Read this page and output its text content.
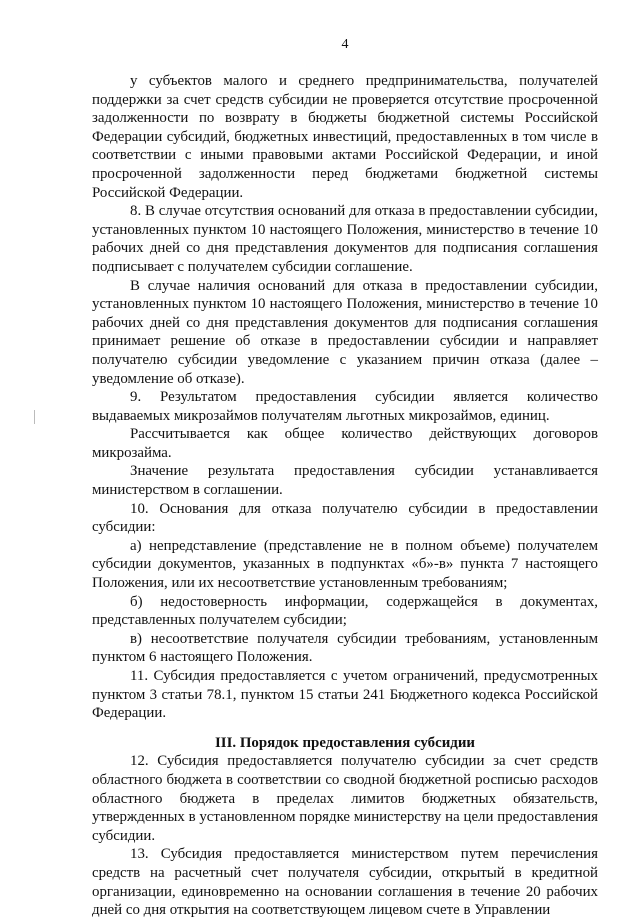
4

у субъектов малого и среднего предпринимательства, получателей поддержки за счет средств субсидии не проверяется отсутствие просроченной задолженности по возврату в бюджеты бюджетной системы Российской Федерации субсидий, бюджетных инвестиций, предоставленных в том числе в соответствии с иными правовыми актами Российской Федерации, и иной просроченной задолженности перед бюджетами бюджетной системы Российской Федерации.

8. В случае отсутствия оснований для отказа в предоставлении субсидии, установленных пунктом 10 настоящего Положения, министерство в течение 10 рабочих дней со дня представления документов для подписания соглашения подписывает с получателем субсидии соглашение.

В случае наличия оснований для отказа в предоставлении субсидии, установленных пунктом 10 настоящего Положения, министерство в течение 10 рабочих дней со дня представления документов для подписания соглашения принимает решение об отказе в предоставлении субсидии и направляет получателю субсидии уведомление с указанием причин отказа (далее – уведомление об отказе).

9. Результатом предоставления субсидии является количество выдаваемых микрозаймов получателям льготных микрозаймов, единиц.

Рассчитывается как общее количество действующих договоров микрозайма.

Значение результата предоставления субсидии устанавливается министерством в соглашении.

10. Основания для отказа получателю субсидии в предоставлении субсидии:

а) непредставление (представление не в полном объеме) получателем субсидии документов, указанных в подпунктах «б»-в» пункта 7 настоящего Положения, или их несоответствие установленным требованиям;

б) недостоверность информации, содержащейся в документах, представленных получателем субсидии;

в) несоответствие получателя субсидии требованиям, установленным пунктом 6 настоящего Положения.

11. Субсидия предоставляется с учетом ограничений, предусмотренных пунктом 3 статьи 78.1, пунктом 15 статьи 241 Бюджетного кодекса Российской Федерации.

III. Порядок предоставления субсидии

12. Субсидия предоставляется получателю субсидии за счет средств областного бюджета в соответствии со сводной бюджетной росписью расходов областного бюджета в пределах лимитов бюджетных обязательств, утвержденных в установленном порядке министерству на цели предоставления субсидии.

13. Субсидия предоставляется министерством путем перечисления средств на расчетный счет получателя субсидии, открытый в кредитной организации, единовременно на основании соглашения в течение 20 рабочих дней со дня открытия на соответствующем лицевом счете в Управлении
